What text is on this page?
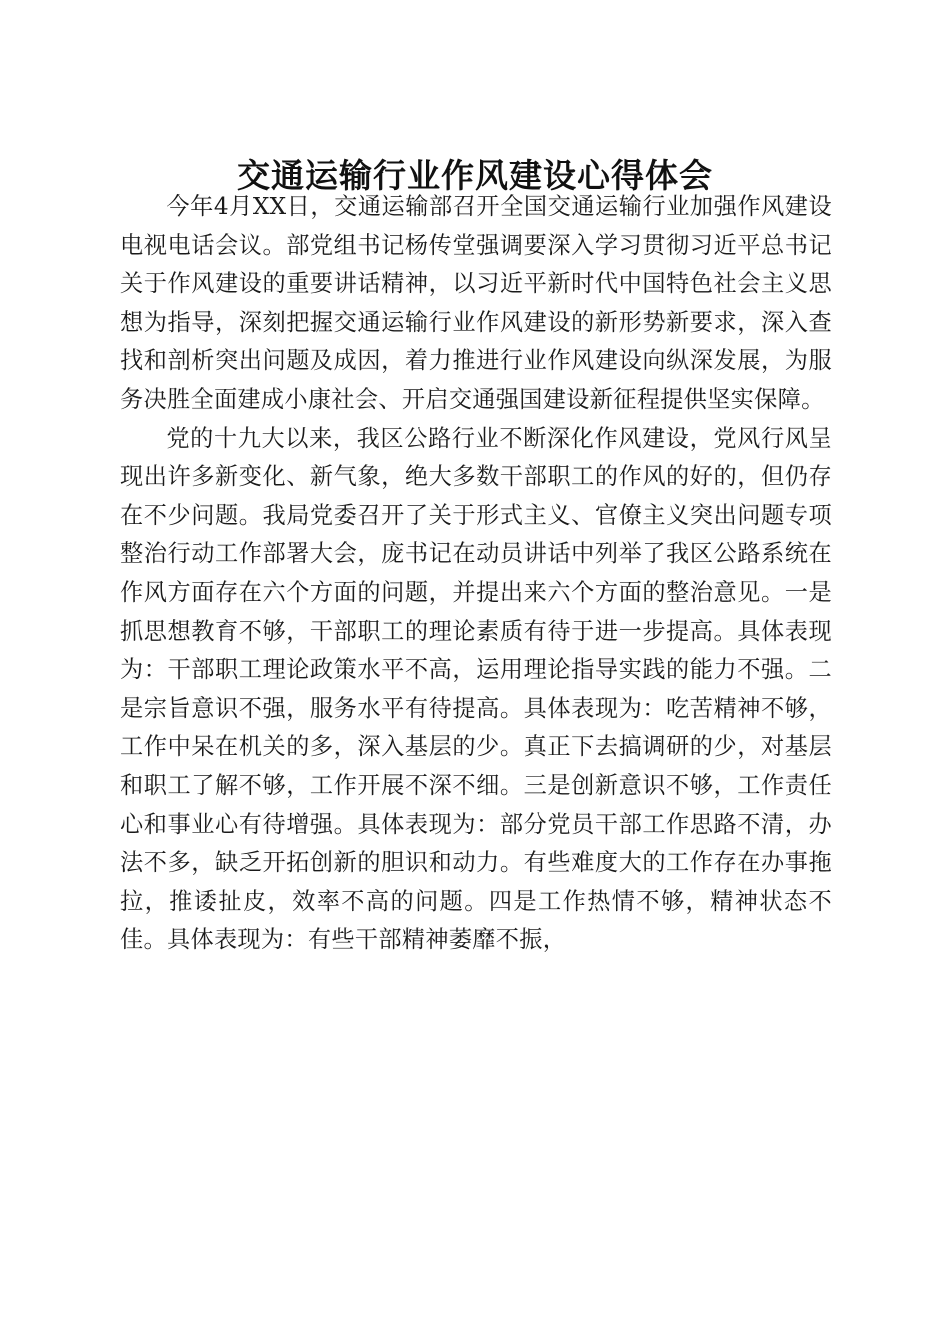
交通运输行业作风建设心得体会

今年4月XX日，交通运输部召开全国交通运输行业加强作风建设电视电话会议。部党组书记杨传堂强调要深入学习贯彻习近平总书记关于作风建设的重要讲话精神，以习近平新时代中国特色社会主义思想为指导，深刻把握交通运输行业作风建设的新形势新要求，深入查找和剖析突出问题及成因，着力推进行业作风建设向纵深发展，为服务决胜全面建成小康社会、开启交通强国建设新征程提供坚实保障。

党的十九大以来，我区公路行业不断深化作风建设，党风行风呈现出许多新变化、新气象，绝大多数干部职工的作风的好的，但仍存在不少问题。我局党委召开了关于形式主义、官僚主义突出问题专项整治行动工作部署大会，庞书记在动员讲话中列举了我区公路系统在作风方面存在六个方面的问题，并提出来六个方面的整治意见。一是抓思想教育不够，干部职工的理论素质有待于进一步提高。具体表现为：干部职工理论政策水平不高，运用理论指导实践的能力不强。二是宗旨意识不强，服务水平有待提高。具体表现为：吃苦精神不够，工作中呆在机关的多，深入基层的少。真正下去搞调研的少，对基层和职工了解不够，工作开展不深不细。三是创新意识不够，工作责任心和事业心有待增强。具体表现为：部分党员干部工作思路不清，办法不多，缺乏开拓创新的胆识和动力。有些难度大的工作存在办事拖拉，推诿扯皮，效率不高的问题。四是工作热情不够，精神状态不佳。具体表现为：有些干部精神萎靡不振，
